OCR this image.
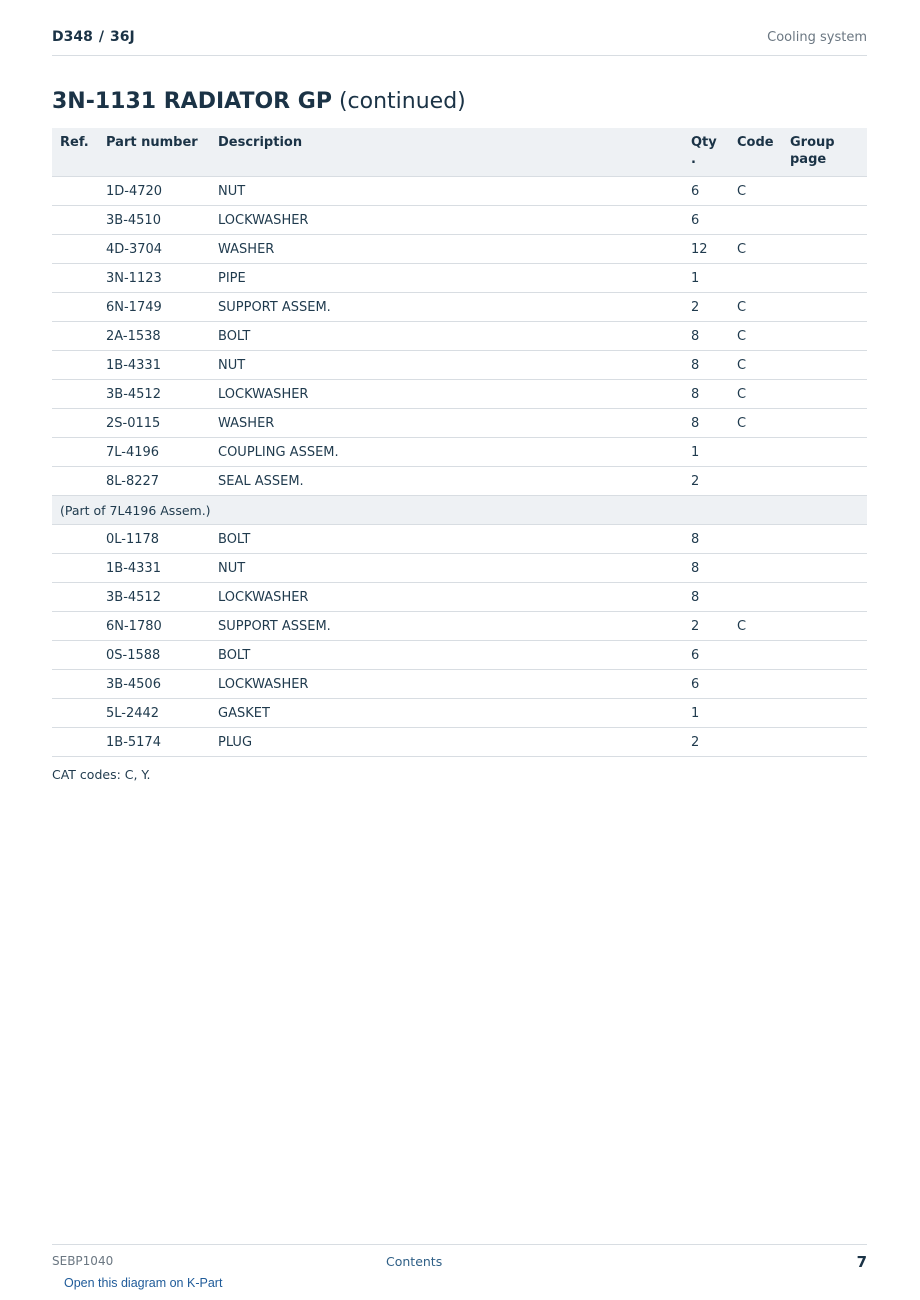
D348 / 36J	Cooling system
3N-1131 RADIATOR GP (continued)
Ref.	Part number	Description	Qty .	Code	Group page
	1D-4720	NUT	6	C	
	3B-4510	LOCKWASHER	6		
	4D-3704	WASHER	12	C	
	3N-1123	PIPE	1		
	6N-1749	SUPPORT ASSEM.	2	C	
	2A-1538	BOLT	8	C	
	1B-4331	NUT	8	C	
	3B-4512	LOCKWASHER	8	C	
	2S-0115	WASHER	8	C	
	7L-4196	COUPLING ASSEM.	1		
	8L-8227	SEAL ASSEM.	2		
(Part of 7L4196 Assem.)					
	0L-1178	BOLT	8		
	1B-4331	NUT	8		
	3B-4512	LOCKWASHER	8		
	6N-1780	SUPPORT ASSEM.	2	C	
	0S-1588	BOLT	6		
	3B-4506	LOCKWASHER	6		
	5L-2442	GASKET	1		
	1B-5174	PLUG	2		
CAT codes: C, Y.
SEBP1040	Contents	7
Open this diagram on K-Part
